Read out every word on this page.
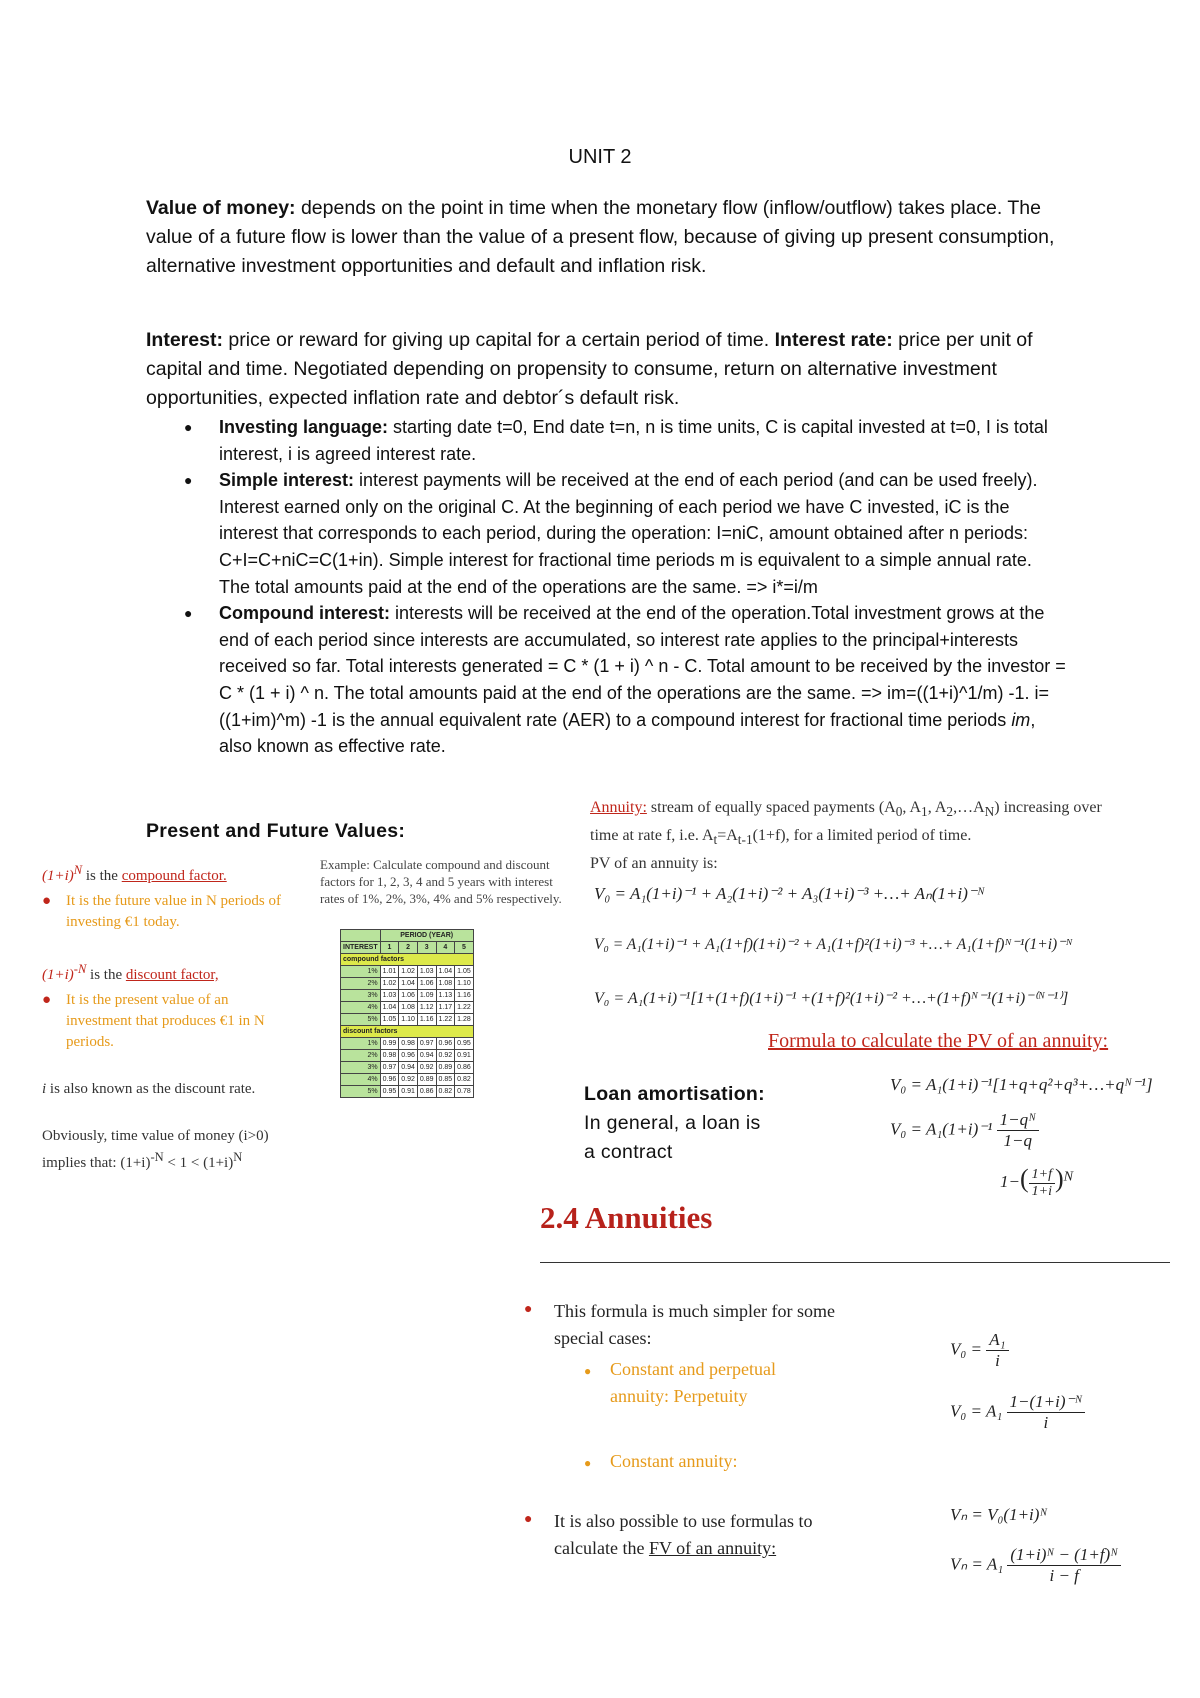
UNIT 2

Value of money: depends on the point in time when the monetary flow (inflow/outflow) takes place. The value of a future flow is lower than the value of a present flow, because of giving up present consumption, alternative investment opportunities and default and inflation risk.

Interest: price or reward for giving up capital for a certain period of time. Interest rate: price per unit of capital and time. Negotiated depending on propensity to consume, return on alternative investment opportunities, expected inflation rate and debtor´s default risk.

● Investing language: starting date t=0, End date t=n, n is time units, C is capital invested at t=0, I is total interest, i is agreed interest rate.
● Simple interest: interest payments will be received at the end of each period (and can be used freely). Interest earned only on the original C. At the beginning of each period we have C invested, iC is the interest that corresponds to each period, during the operation: I=niC, amount obtained after n periods: C+I=C+niC=C(1+in). Simple interest for fractional time periods m is equivalent to a simple annual rate. The total amounts paid at the end of the operations are the same. => i*=i/m
● Compound interest: interests will be received at the end of the operation.Total investment grows at the end of each period since interests are accumulated, so interest rate applies to the principal+interests received so far. Total interests generated = C * (1 + i) ^ n - C. Total amount to be received by the investor = C * (1 + i) ^ n. The total amounts paid at the end of the operations are the same. => im=((1+i)^1/m) -1. i= ((1+im)^m) -1 is the annual equivalent rate (AER) to a compound interest for fractional time periods im, also known as effective rate.
Present and Future Values:
$(1+i)^N$ is the compound factor.
● It is the future value in N periods of investing €1 today.
$(1+i)^{-N}$ is the discount factor,
● It is the present value of an investment that produces €1 in N periods.
i is also known as the discount rate.
Obviously, time value of money (i>0)
implies that: $(1+i)^{-N} < 1 < (1+i)^N$
Example: Calculate compound and discount factors for 1, 2, 3, 4 and 5 years with interest rates of 1%, 2%, 3%, 4% and 5% respectively.
	PERIOD (YEAR)				
INTEREST	1	2	3	4	5
compound factors					
1%	1.01	1.02	1.03	1.04	1.05
2%	1.02	1.04	1.06	1.08	1.10
3%	1.03	1.06	1.09	1.13	1.16
4%	1.04	1.08	1.12	1.17	1.22
5%	1.05	1.10	1.16	1.22	1.28
discount factors					
1%	0.99	0.98	0.97	0.96	0.95
2%	0.98	0.96	0.94	0.92	0.91
3%	0.97	0.94	0.92	0.89	0.86
4%	0.96	0.92	0.89	0.85	0.82
5%	0.95	0.91	0.86	0.82	0.78
Annuity: stream of equally spaced payments ($A_0$, $A_1$, $A_2,\dots A_N$) increasing over
time at rate f, i.e. $A_t=A_{t-1}(1+f)$, for a limited period of time.
PV of an annuity is:
V₀ = A₁(1+i)⁻¹ + A₂(1+i)⁻² + A₃(1+i)⁻³ +…+ Aₙ(1+i)⁻ᴺ
V₀ = A₁(1+i)⁻¹ + A₁(1+f)(1+i)⁻² + A₁(1+f)²(1+i)⁻³ +…+ A₁(1+f)ᴺ⁻¹(1+i)⁻ᴺ
V₀ = A₁(1+i)⁻¹[1+(1+f)(1+i)⁻¹ +(1+f)²(1+i)⁻² +…+(1+f)ᴺ⁻¹(1+i)⁻⁽ᴺ⁻¹⁾]
Formula to calculate the PV of an annuity:
V₀ = A₁(1+i)⁻¹[1+q+q²+q³+…+qᴺ⁻¹]
$V_0 = A_1(1+i)^{-1} \frac{\text{1−qᴺ}}{1-q}$
$1-( \frac{1+f}{1+i} )^N$
Loan amortisation: In general, a loan is a contract
2.4 Annuities
● This formula is much simpler for some
special cases:
● Constant and perpetual
annuity: Perpetuity
●	Constant annuity:
● It is also possible to use formulas to
calculate the FV of an annuity:
$V_0 = \frac{\text{A₁}}{i}$
$V_0 = A_1 \frac{\text{1−(1+i)⁻ᴺ}}{i}$
Vₙ = V₀(1+i)ᴺ
$V_n = A_1 \frac{\text{(1+i)ᴺ − (1+f)ᴺ}}{i - f}$
